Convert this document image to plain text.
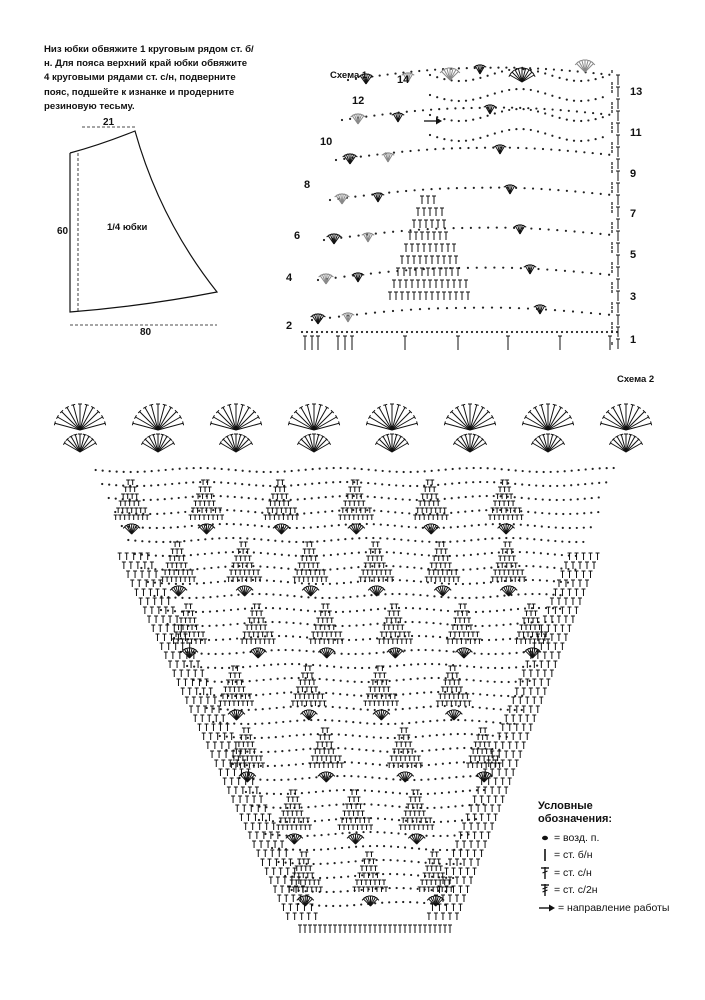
Низ юбки обвяжите 1 круговым рядом ст. б/н. Для пояса верхний край юбки обвяжите 4 круговыми рядами ст. с/н, подверните пояс, подшейте к изнанке и продерните резиновую тесьму.
21
60
80
1/4 юбки
Схема 1
Схема 2
13
11
9
7
5
3
1
14
12
10
8
6
4
2
Условные
обозначения:
= возд. п.
= ст. б/н
= ст. с/н
= ст. с/2н
= направление работы
